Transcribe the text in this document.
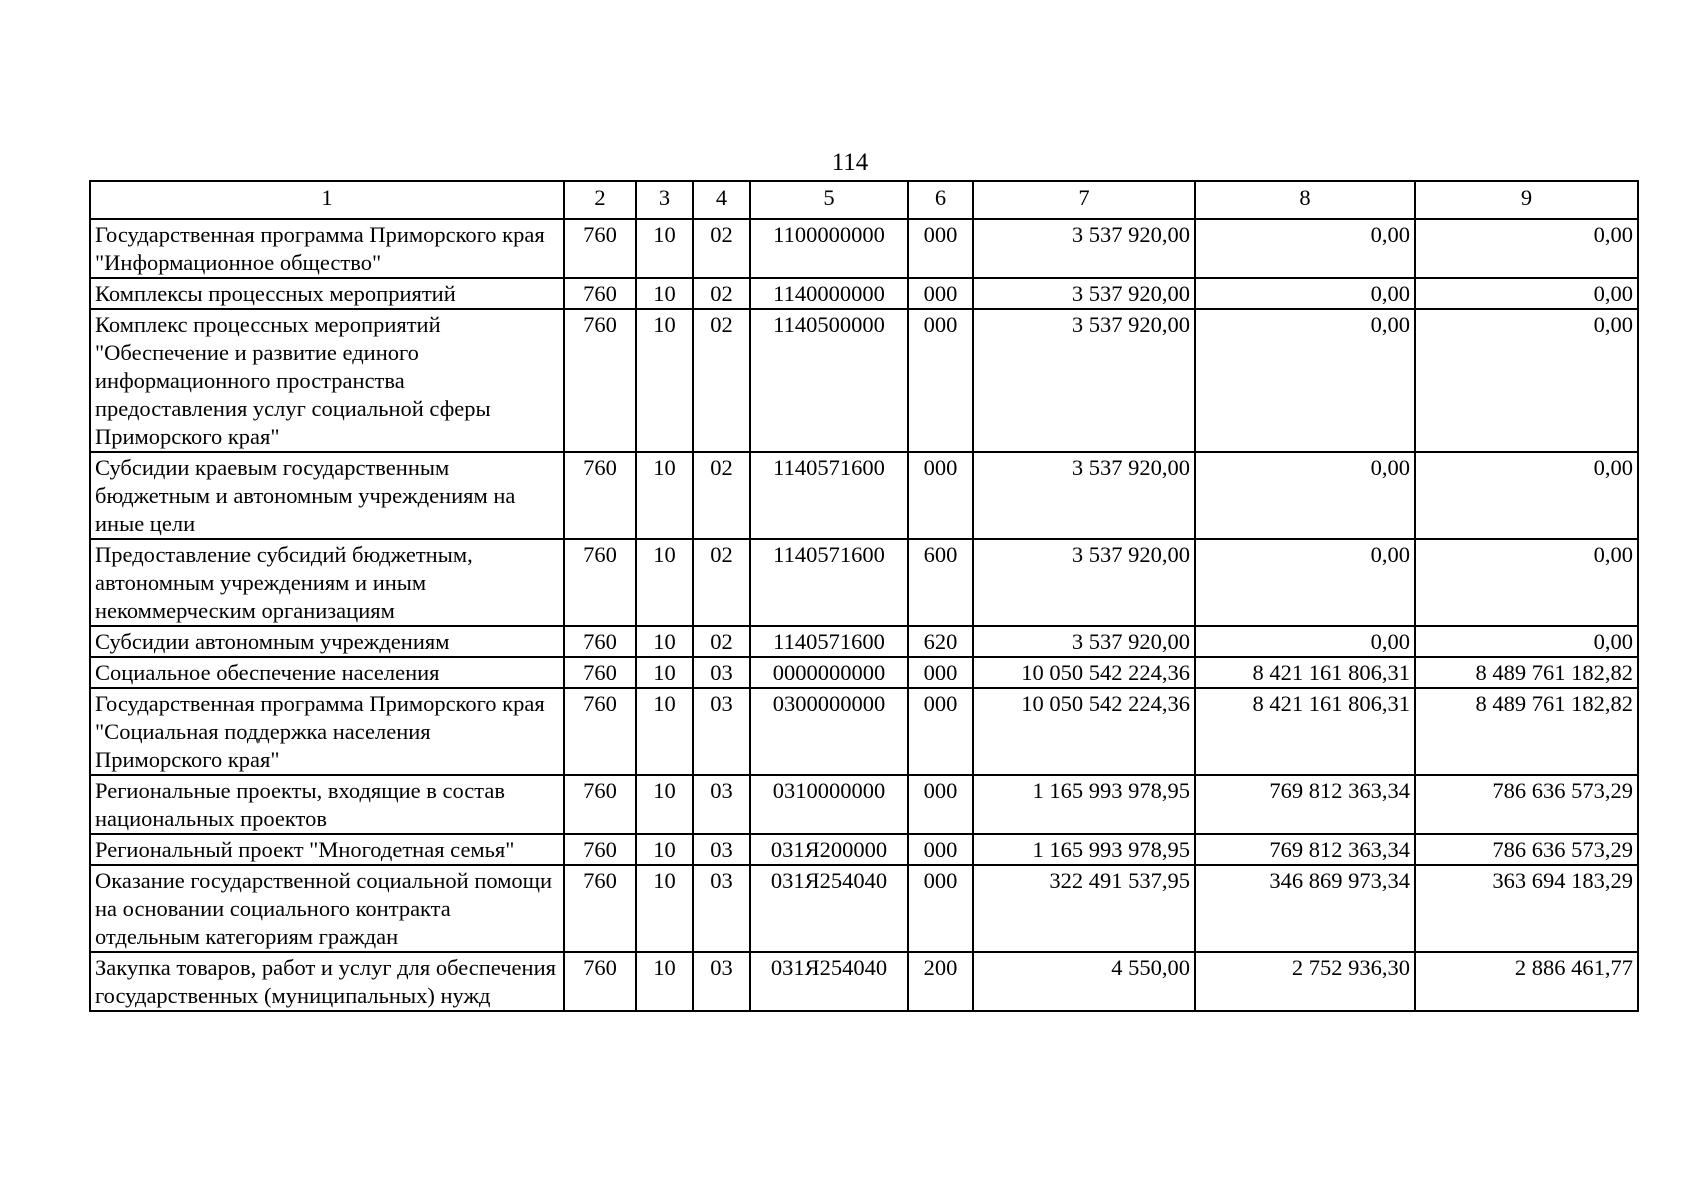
114
1	2	3	4	5	6	7	8	9
Государственная программа Приморского края "Информационное общество"	760	10	02	1100000000	000	3 537 920,00	0,00	0,00
Комплексы процессных мероприятий	760	10	02	1140000000	000	3 537 920,00	0,00	0,00
Комплекс процессных мероприятий "Обеспечение и развитие единого информационного пространства предоставления услуг социальной сферы Приморского края"	760	10	02	1140500000	000	3 537 920,00	0,00	0,00
Субсидии краевым государственным бюджетным и автономным учреждениям на иные цели	760	10	02	1140571600	000	3 537 920,00	0,00	0,00
Предоставление субсидий бюджетным, автономным учреждениям и иным некоммерческим организациям	760	10	02	1140571600	600	3 537 920,00	0,00	0,00
Субсидии автономным учреждениям	760	10	02	1140571600	620	3 537 920,00	0,00	0,00
Социальное обеспечение населения	760	10	03	0000000000	000	10 050 542 224,36	8 421 161 806,31	8 489 761 182,82
Государственная программа Приморского края "Социальная поддержка населения Приморского края"	760	10	03	0300000000	000	10 050 542 224,36	8 421 161 806,31	8 489 761 182,82
Региональные проекты, входящие в состав национальных проектов	760	10	03	0310000000	000	1 165 993 978,95	769 812 363,34	786 636 573,29
Региональный проект "Многодетная семья"	760	10	03	031Я200000	000	1 165 993 978,95	769 812 363,34	786 636 573,29
Оказание государственной социальной помощи на основании социального контракта отдельным категориям граждан	760	10	03	031Я254040	000	322 491 537,95	346 869 973,34	363 694 183,29
Закупка товаров, работ и услуг для обеспечения государственных (муниципальных) нужд	760	10	03	031Я254040	200	4 550,00	2 752 936,30	2 886 461,77
